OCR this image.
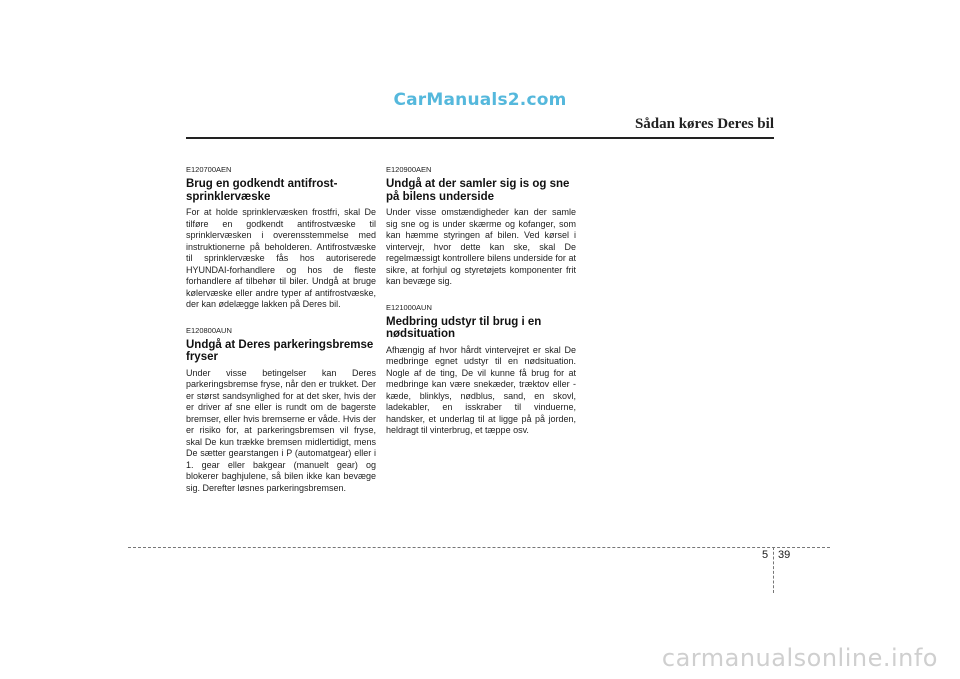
CarManuals2.com
Sådan køres Deres bil
E120700AEN
Brug en godkendt antifrost-sprinklervæske

For at holde sprinklervæsken frostfri, skal De tilføre en godkendt antifrostvæske til sprinklervæsken i overensstemmelse med instruktionerne på beholderen. Antifrostvæske til sprinklervæske fås hos autoriserede HYUNDAI-forhandlere og hos de fleste forhandlere af tilbehør til biler. Undgå at bruge kølervæske eller andre typer af antifrostvæske, der kan ødelægge lakken på Deres bil.

E120800AUN
Undgå at Deres parkeringsbremse fryser

Under visse betingelser kan Deres parkeringsbremse fryse, når den er trukket. Der er størst sandsynlighed for at det sker, hvis der er driver af sne eller is rundt om de bagerste bremser, eller hvis bremserne er våde. Hvis der er risiko for, at parkeringsbremsen vil fryse, skal De kun trække bremsen midlertidigt, mens De sætter gearstangen i P (automatgear) eller i 1. gear eller bakgear (manuelt gear) og blokerer baghjulene, så bilen ikke kan bevæge sig. Derefter løsnes parkeringsbremsen.

E120900AEN
Undgå at der samler sig is og sne på bilens underside

Under visse omstændigheder kan der samle sig sne og is under skærme og kofanger, som kan hæmme styringen af bilen. Ved kørsel i vintervejr, hvor dette kan ske, skal De regelmæssigt kontrollere bilens underside for at sikre, at forhjul og styretøjets komponenter frit kan bevæge sig.

E121000AUN
Medbring udstyr til brug i en nødsituation

Afhængig af hvor hårdt vintervejret er skal De medbringe egnet udstyr til en nødsituation. Nogle af de ting, De vil kunne få brug for at medbringe kan være snekæder, træktov eller -kæde, blinklys, nødblus, sand, en skovl, ladekabler, en isskraber til vinduerne, handsker, et underlag til at ligge på på jorden, heldragt til vinterbrug, et tæppe osv.

5 39
carmanualsonline.info
